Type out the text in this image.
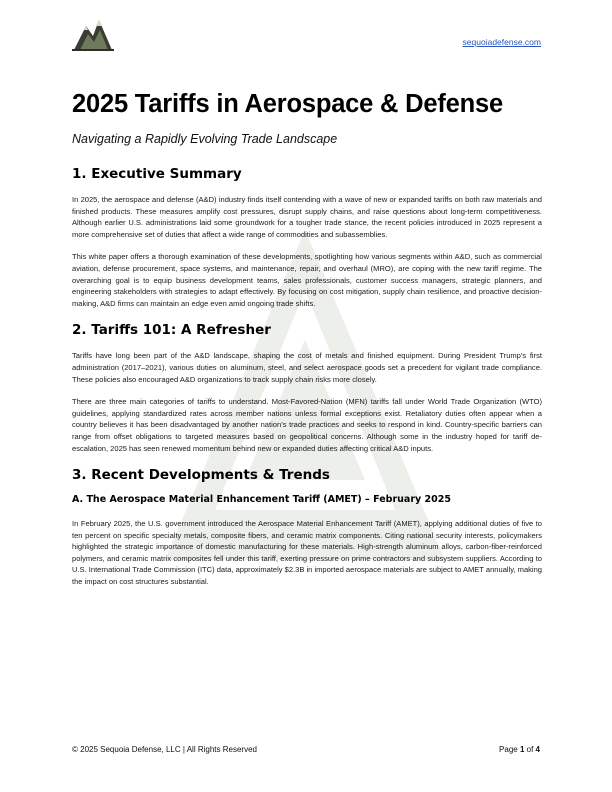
sequoiadefense.com
2025 Tariffs in Aerospace & Defense
Navigating a Rapidly Evolving Trade Landscape
1. Executive Summary

In 2025, the aerospace and defense (A&D) industry finds itself contending with a wave of new or expanded tariffs on both raw materials and finished products. These measures amplify cost pressures, disrupt supply chains, and raise questions about long-term competitiveness. Although earlier U.S. administrations laid some groundwork for a tougher trade stance, the recent policies introduced in 2025 represent a more comprehensive set of duties that affect a wide range of commodities and subassemblies.

This white paper offers a thorough examination of these developments, spotlighting how various segments within A&D, such as commercial aviation, defense procurement, space systems, and maintenance, repair, and overhaul (MRO), are coping with the new tariff regime. The overarching goal is to equip business development teams, sales professionals, customer success managers, strategic planners, and engineering stakeholders with strategies to adapt effectively. By focusing on cost mitigation, supply chain resilience, and proactive decision-making, A&D firms can maintain an edge even amid ongoing trade shifts.

2. Tariffs 101: A Refresher

Tariffs have long been part of the A&D landscape, shaping the cost of metals and finished equipment. During President Trump’s first administration (2017–2021), various duties on aluminum, steel, and select aerospace goods set a precedent for vigilant trade compliance. These policies also encouraged A&D organizations to track supply chain risks more closely.

There are three main categories of tariffs to understand. Most-Favored-Nation (MFN) tariffs fall under World Trade Organization (WTO) guidelines, applying standardized rates across member nations unless formal exceptions exist. Retaliatory duties often appear when a country believes it has been disadvantaged by another nation’s trade practices and seeks to respond in kind. Country-specific barriers can range from offset obligations to targeted measures based on geopolitical concerns. Although some in the industry hoped for tariff de-escalation, 2025 has seen renewed momentum behind new or expanded duties affecting critical A&D inputs.

3. Recent Developments & Trends
A. The Aerospace Material Enhancement Tariff (AMET) – February 2025

In February 2025, the U.S. government introduced the Aerospace Material Enhancement Tariff (AMET), applying additional duties of five to ten percent on specific specialty metals, composite fibers, and ceramic matrix components. Citing national security interests, policymakers highlighted the strategic importance of domestic manufacturing for these materials. High-strength aluminum alloys, carbon-fiber-reinforced polymers, and ceramic matrix composites fell under this tariff, exerting pressure on prime contractors and subsystem suppliers. According to U.S. International Trade Commission (ITC) data, approximately $2.3B in imported aerospace materials are subject to AMET annually, making the impact on cost structures substantial.

© 2025 Sequoia Defense, LLC | All Rights Reserved	Page 1 of 4
